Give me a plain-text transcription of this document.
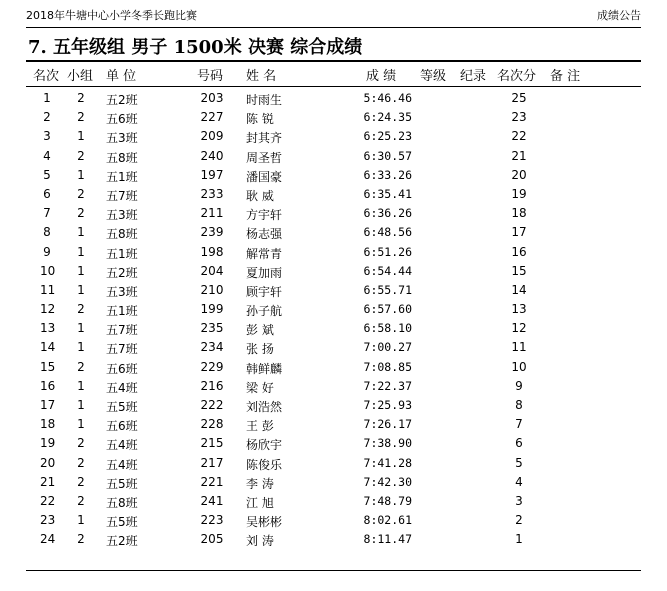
2018年牛塘中心小学冬季长跑比赛	成绩公告
7. 五年级组 男子 1500米 决赛 综合成绩
名次 小组 单 位	号码 姓 名	成 绩 等级 纪录 名次分 备 注
1 2 五2班	203 时雨生	5:46.46	25
2 2 五6班	227 陈 锐	6:24.35	23
3 1 五3班	209 封其齐	6:25.23	22
4 2 五8班	240 周圣哲	6:30.57	21
5 1 五1班	197 潘国豪	6:33.26	20
6 2 五7班	233 耿 威	6:35.41	19
7 2 五3班	211 方宇轩	6:36.26	18
8 1 五8班	239 杨志强	6:48.56	17
9 1 五1班	198 解常青	6:51.26	16
10 1 五2班	204 夏加雨	6:54.44	15
11 1 五3班	210 顾宇轩	6:55.71	14
12 2 五1班	199 孙子航	6:57.60	13
13 1 五7班	235 彭 斌	6:58.10	12
14 1 五7班	234 张 扬	7:00.27	11
15 2 五6班	229 韩鲜麟	7:08.85	10
16 1 五4班	216 梁 好	7:22.37	9
17 1 五5班	222 刘浩然	7:25.93	8
18 1 五6班	228 王 彭	7:26.17	7
19 2 五4班	215 杨欣宇	7:38.90	6
20 2 五4班	217 陈俊乐	7:41.28	5
21 2 五5班	221 李 涛	7:42.30	4
22 2 五8班	241 江 旭	7:48.79	3
23 1 五5班	223 吴彬彬	8:02.61	2
24 2 五2班	205 刘 涛	8:11.47	1
